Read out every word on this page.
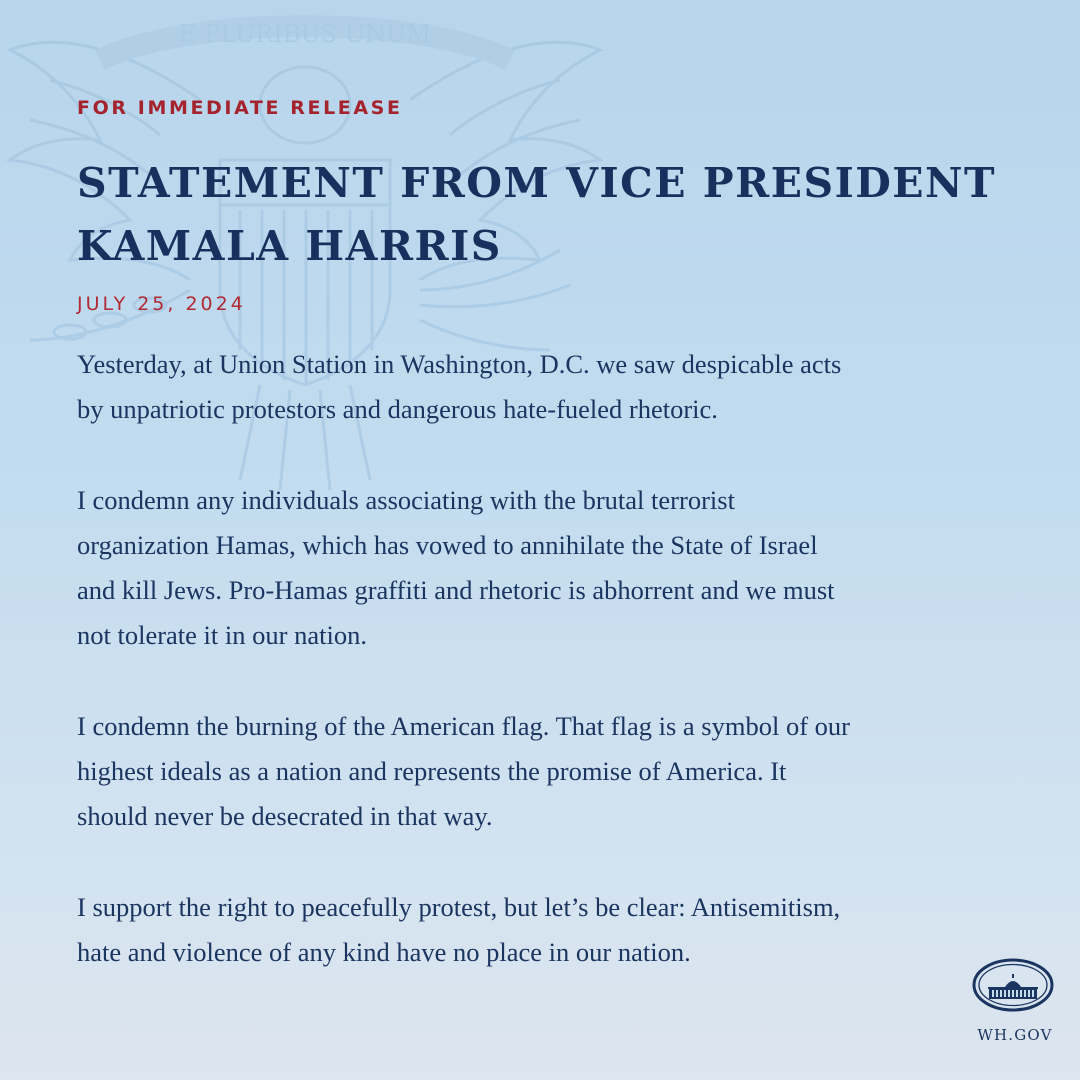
E PLURIBUS UNUM
FOR IMMEDIATE RELEASE
STATEMENT FROM VICE PRESIDENT
KAMALA HARRIS
JULY 25, 2024

Yesterday, at Union Station in Washington, D.C. we saw despicable acts
by unpatriotic protestors and dangerous hate-fueled rhetoric.

I condemn any individuals associating with the brutal terrorist
organization Hamas, which has vowed to annihilate the State of Israel
and kill Jews. Pro-Hamas graffiti and rhetoric is abhorrent and we must
not tolerate it in our nation.

I condemn the burning of the American flag. That flag is a symbol of our
highest ideals as a nation and represents the promise of America. It
should never be desecrated in that way.

I support the right to peacefully protest, but let’s be clear: Antisemitism,
hate and violence of any kind have no place in our nation.

WH.GOV
